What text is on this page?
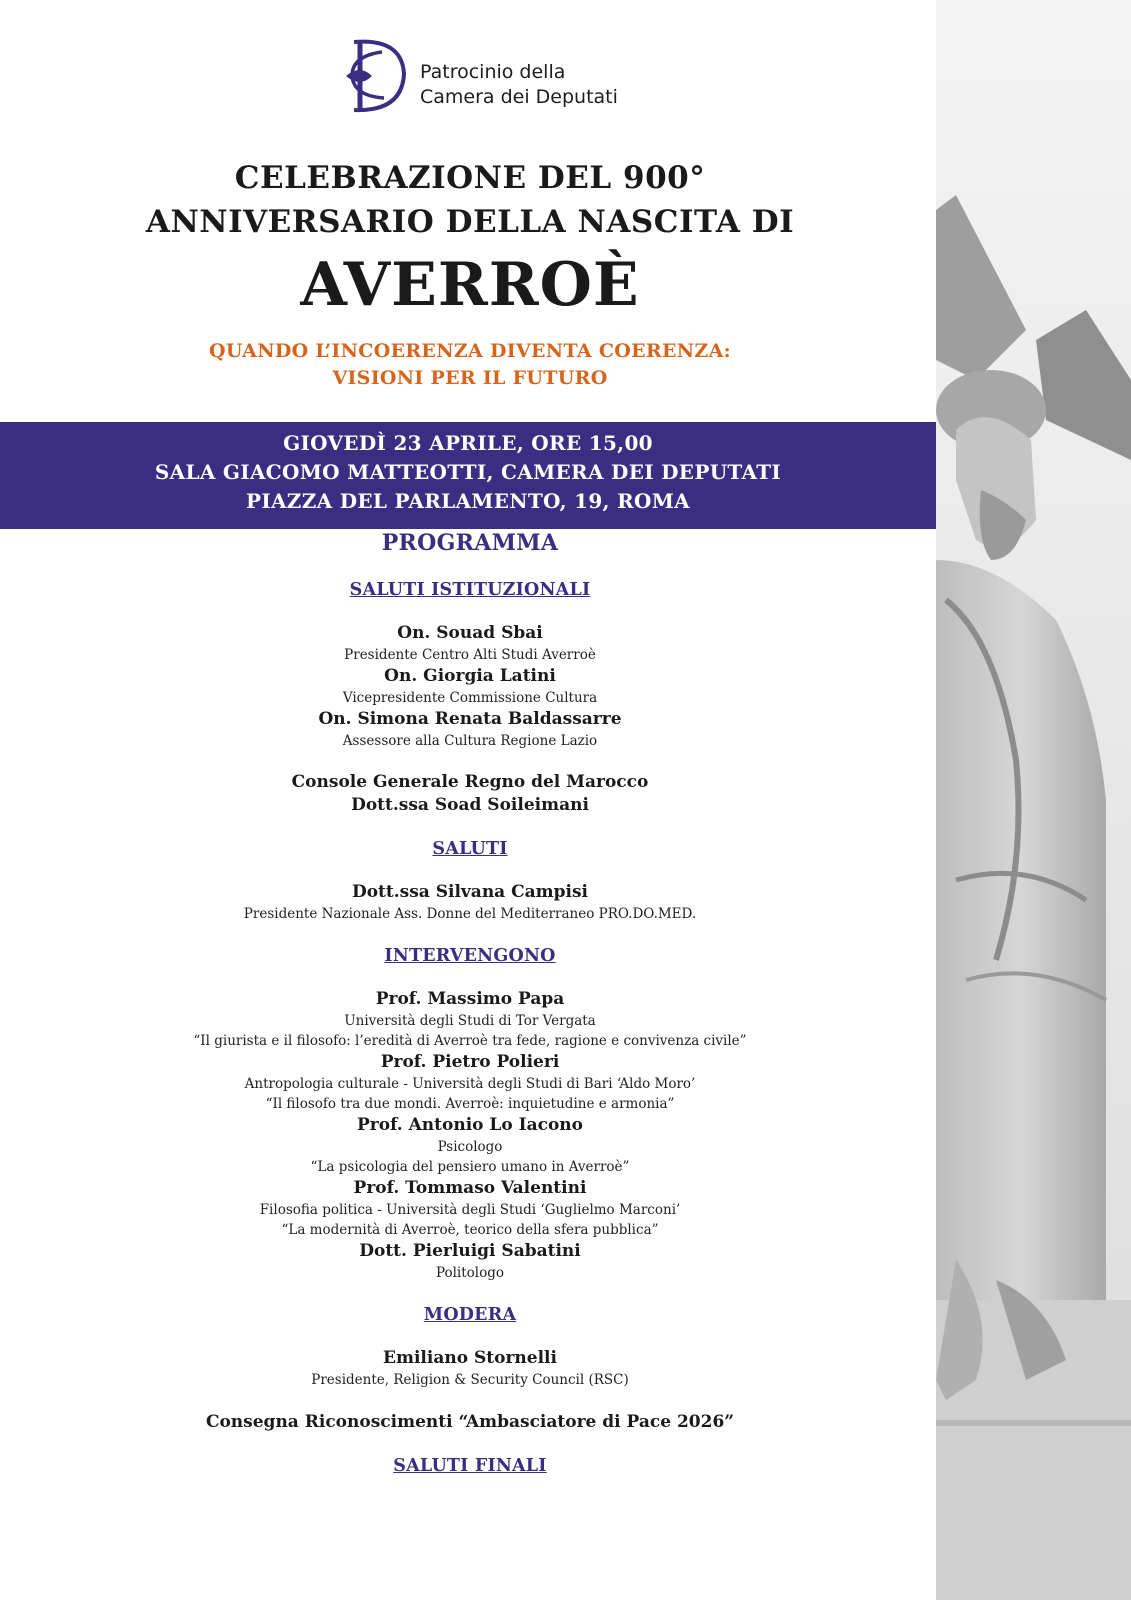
Patrocinio della
Camera dei Deputati
CELEBRAZIONE DEL 900°
ANNIVERSARIO DELLA NASCITA DI
AVERROÈ
QUANDO L’INCOERENZA DIVENTA COERENZA:
VISIONI PER IL FUTURO
GIOVEDÌ 23 APRILE, ORE 15,00
SALA GIACOMO MATTEOTTI, CAMERA DEI DEPUTATI
PIAZZA DEL PARLAMENTO, 19, ROMA
PROGRAMMA
SALUTI ISTITUZIONALI
On. Souad Sbai
Presidente Centro Alti Studi Averroè
On. Giorgia Latini
Vicepresidente Commissione Cultura
On. Simona Renata Baldassarre
Assessore alla Cultura Regione Lazio
Console Generale Regno del Marocco
Dott.ssa Soad Soileimani
SALUTI
Dott.ssa Silvana Campisi
Presidente Nazionale Ass. Donne del Mediterraneo PRO.DO.MED.
INTERVENGONO
Prof. Massimo Papa
Università degli Studi di Tor Vergata
“Il giurista e il filosofo: l’eredità di Averroè tra fede, ragione e convivenza civile”
Prof. Pietro Polieri
Antropologia culturale - Università degli Studi di Bari ‘Aldo Moro’
“Il filosofo tra due mondi. Averroè: inquietudine e armonia”
Prof. Antonio Lo Iacono
Psicologo
“La psicologia del pensiero umano in Averroè”
Prof. Tommaso Valentini
Filosofia politica - Università degli Studi ‘Guglielmo Marconi’
“La modernità di Averroè, teorico della sfera pubblica”
Dott. Pierluigi Sabatini
Politologo
MODERA
Emiliano Stornelli
Presidente, Religion & Security Council (RSC)
Consegna Riconoscimenti “Ambasciatore di Pace 2026”
SALUTI FINALI
